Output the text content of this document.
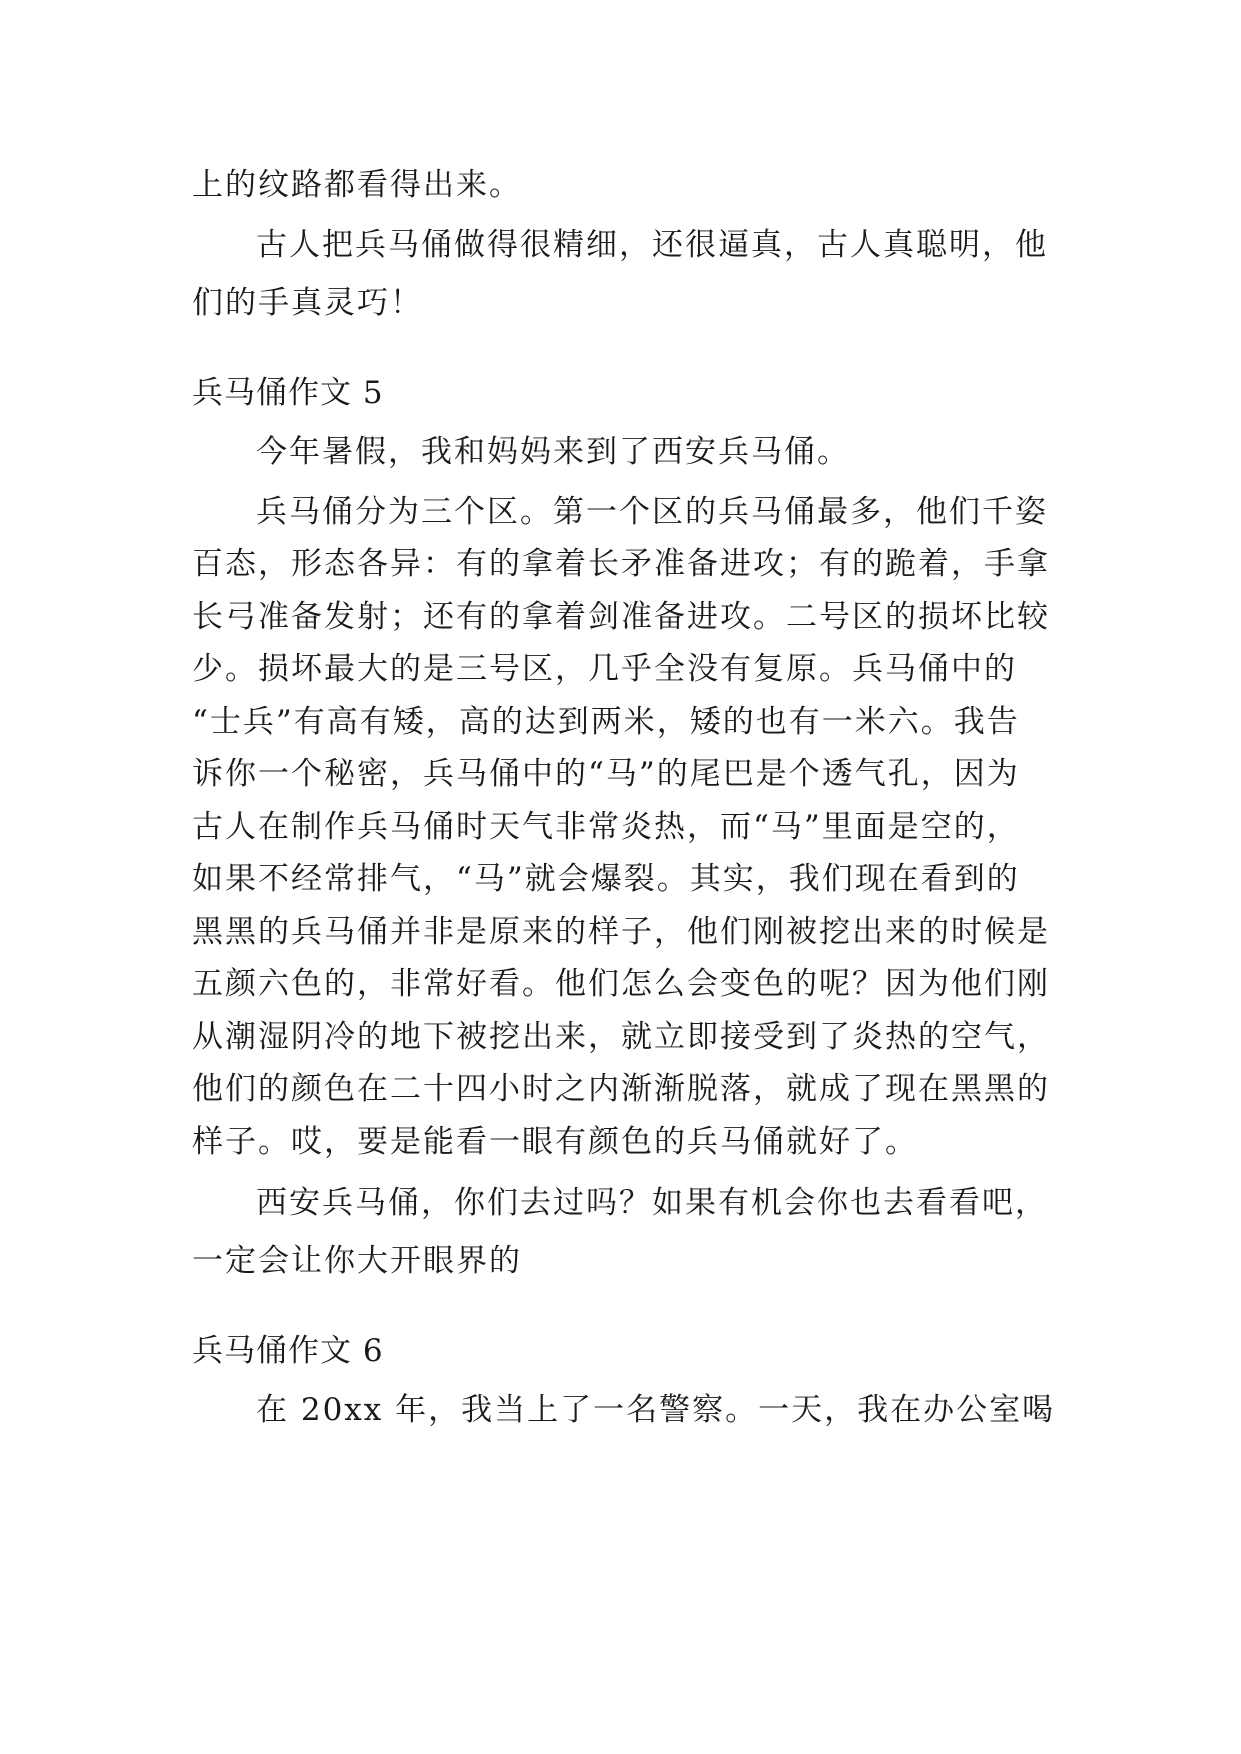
上的纹路都看得出来。
古人把兵马俑做得很精细，还很逼真，古人真聪明，他
们的手真灵巧！
兵马俑作文 5
今年暑假，我和妈妈来到了西安兵马俑。
兵马俑分为三个区。第一个区的兵马俑最多，他们千姿
百态，形态各异：有的拿着长矛准备进攻；有的跪着，手拿
长弓准备发射；还有的拿着剑准备进攻。二号区的损坏比较
少。损坏最大的是三号区，几乎全没有复原。兵马俑中的
“士兵”有高有矮，高的达到两米，矮的也有一米六。我告
诉你一个秘密，兵马俑中的“马”的尾巴是个透气孔，因为
古人在制作兵马俑时天气非常炎热，而“马”里面是空的，
如果不经常排气，“马”就会爆裂。其实，我们现在看到的
黑黑的兵马俑并非是原来的样子，他们刚被挖出来的时候是
五颜六色的，非常好看。他们怎么会变色的呢？因为他们刚
从潮湿阴冷的地下被挖出来，就立即接受到了炎热的空气，
他们的颜色在二十四小时之内渐渐脱落，就成了现在黑黑的
样子。哎，要是能看一眼有颜色的兵马俑就好了。
西安兵马俑，你们去过吗？如果有机会你也去看看吧，
一定会让你大开眼界的
兵马俑作文 6
在 20xx 年，我当上了一名警察。一天，我在办公室喝
